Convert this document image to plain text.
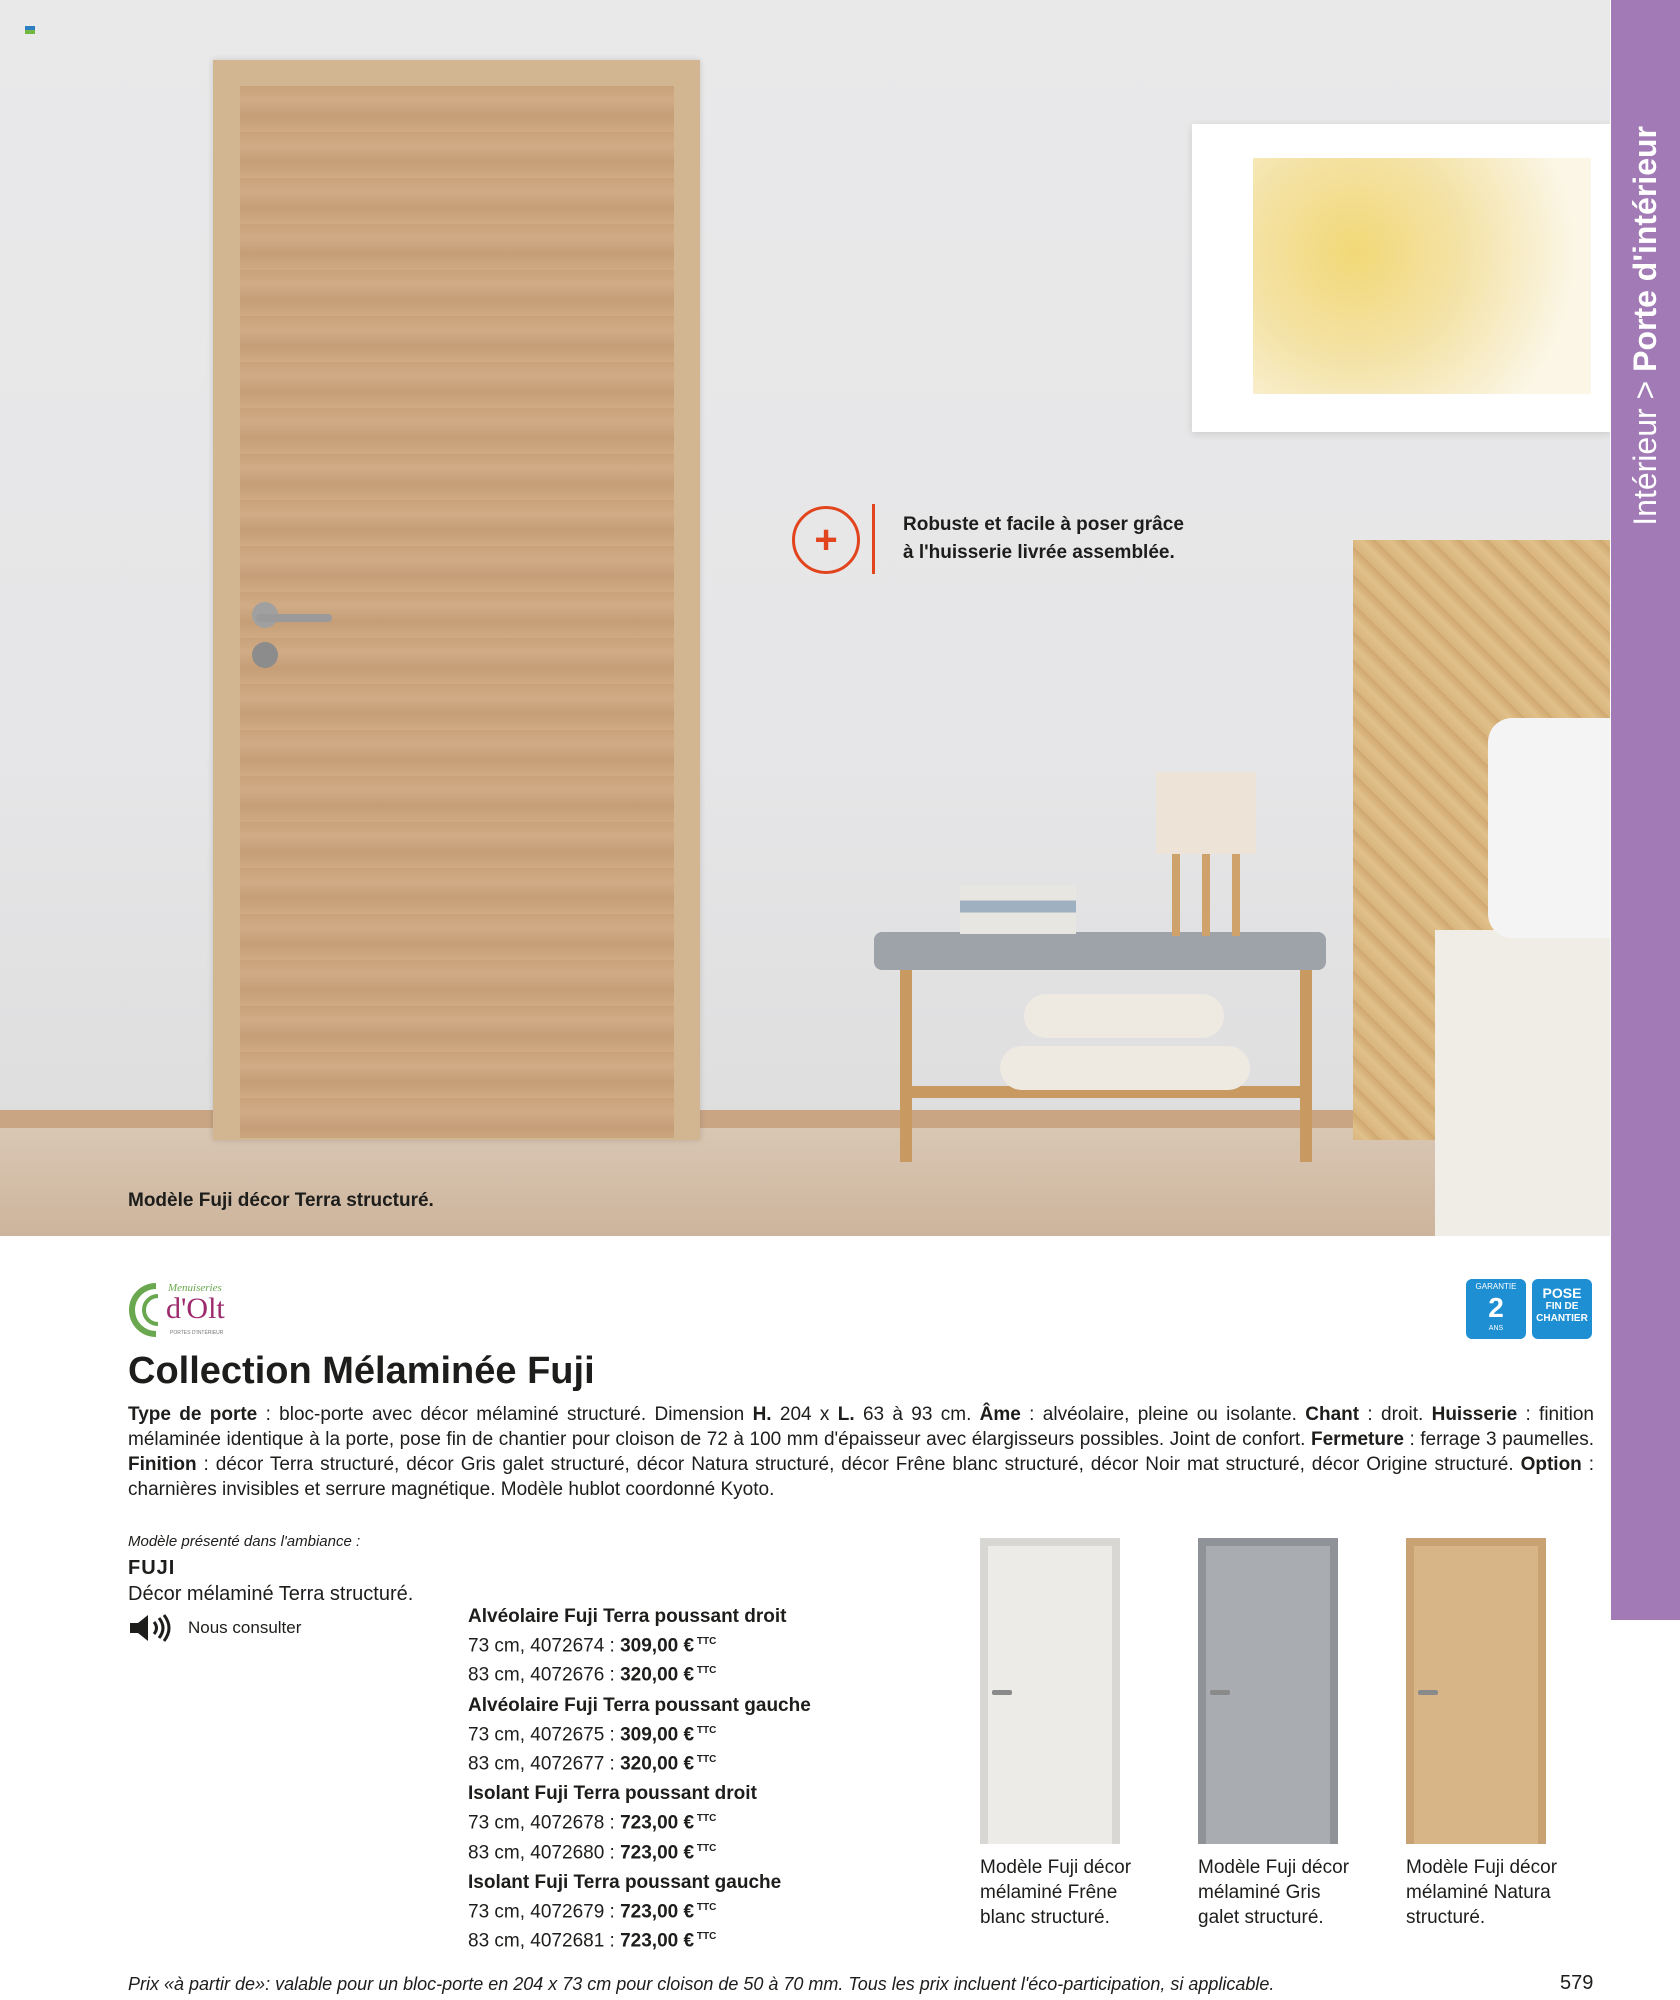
+	Robuste et facile à poser grâce
à l'huisserie livrée assemblée.
Modèle Fuji décor Terra structuré.
Intérieur > Porte d'intérieur
Menuiseries
d'Olt
PORTES D'INTÉRIEUR
GARANTIE
2
ANS
POSE
FIN DE
CHANTIER
Collection Mélaminée Fuji
Type de porte : bloc-porte avec décor mélaminé structuré. Dimension H. 204 x L. 63 à 93 cm. Âme : alvéolaire, pleine ou isolante. Chant : droit. Huisserie : finition mélaminée identique à la porte, pose fin de chantier pour cloison de 72 à 100 mm d'épaisseur avec élargisseurs possibles. Joint de confort. Fermeture : ferrage 3 paumelles. Finition : décor Terra structuré, décor Gris galet structuré, décor Natura structuré, décor Frêne blanc structuré, décor Noir mat structuré, décor Origine structuré. Option : charnières invisibles et serrure magnétique. Modèle hublot coordonné Kyoto.
Modèle présenté dans l'ambiance :
FUJI
Décor mélaminé Terra structuré.
Nous consulter
Alvéolaire Fuji Terra poussant droit
73 cm, 4072674 : 309,00 € $^{TTC}$
83 cm, 4072676 : 320,00 € $^{TTC}$
Alvéolaire Fuji Terra poussant gauche
73 cm, 4072675 : 309,00 € $^{TTC}$
83 cm, 4072677 : 320,00 € $^{TTC}$
Isolant Fuji Terra poussant droit
73 cm, 4072678 : 723,00 € $^{TTC}$
83 cm, 4072680 : 723,00 € $^{TTC}$
Isolant Fuji Terra poussant gauche
73 cm, 4072679 : 723,00 € $^{TTC}$
83 cm, 4072681 : 723,00 € $^{TTC}$
Modèle Fuji décor
mélaminé Frêne
blanc structuré.
Modèle Fuji décor
mélaminé Gris
galet structuré.
Modèle Fuji décor
mélaminé Natura
structuré.
Prix «à partir de»: valable pour un bloc-porte en 204 x 73 cm pour cloison de 50 à 70 mm. Tous les prix incluent l'éco-participation, si applicable.	579
